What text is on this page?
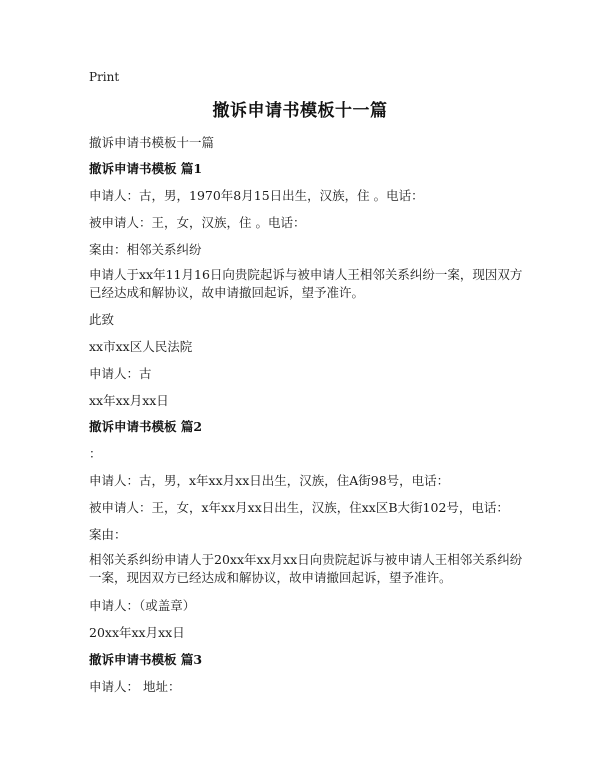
Print
撤诉申请书模板十一篇
撤诉申请书模板十一篇
撤诉申请书模板 篇1
申请人：古，男，1970年8月15日出生，汉族，住 。电话：
被申请人：王，女，汉族，住 。电话：
案由：相邻关系纠纷
申请人于xx年11月16日向贵院起诉与被申请人王相邻关系纠纷一案，现因双方已经达成和解协议，故申请撤回起诉，望予准许。
此致
xx市xx区人民法院
申请人：古
xx年xx月xx日
撤诉申请书模板 篇2
：
申请人：古，男，x年xx月xx日出生，汉族，住A街98号，电话：
被申请人：王，女，x年xx月xx日出生，汉族，住xx区B大街102号，电话：
案由：
相邻关系纠纷申请人于20xx年xx月xx日向贵院起诉与被申请人王相邻关系纠纷一案，现因双方已经达成和解协议，故申请撤回起诉，望予准许。
申请人：（或盖章）
20xx年xx月xx日
撤诉申请书模板 篇3
申请人： 地址：
